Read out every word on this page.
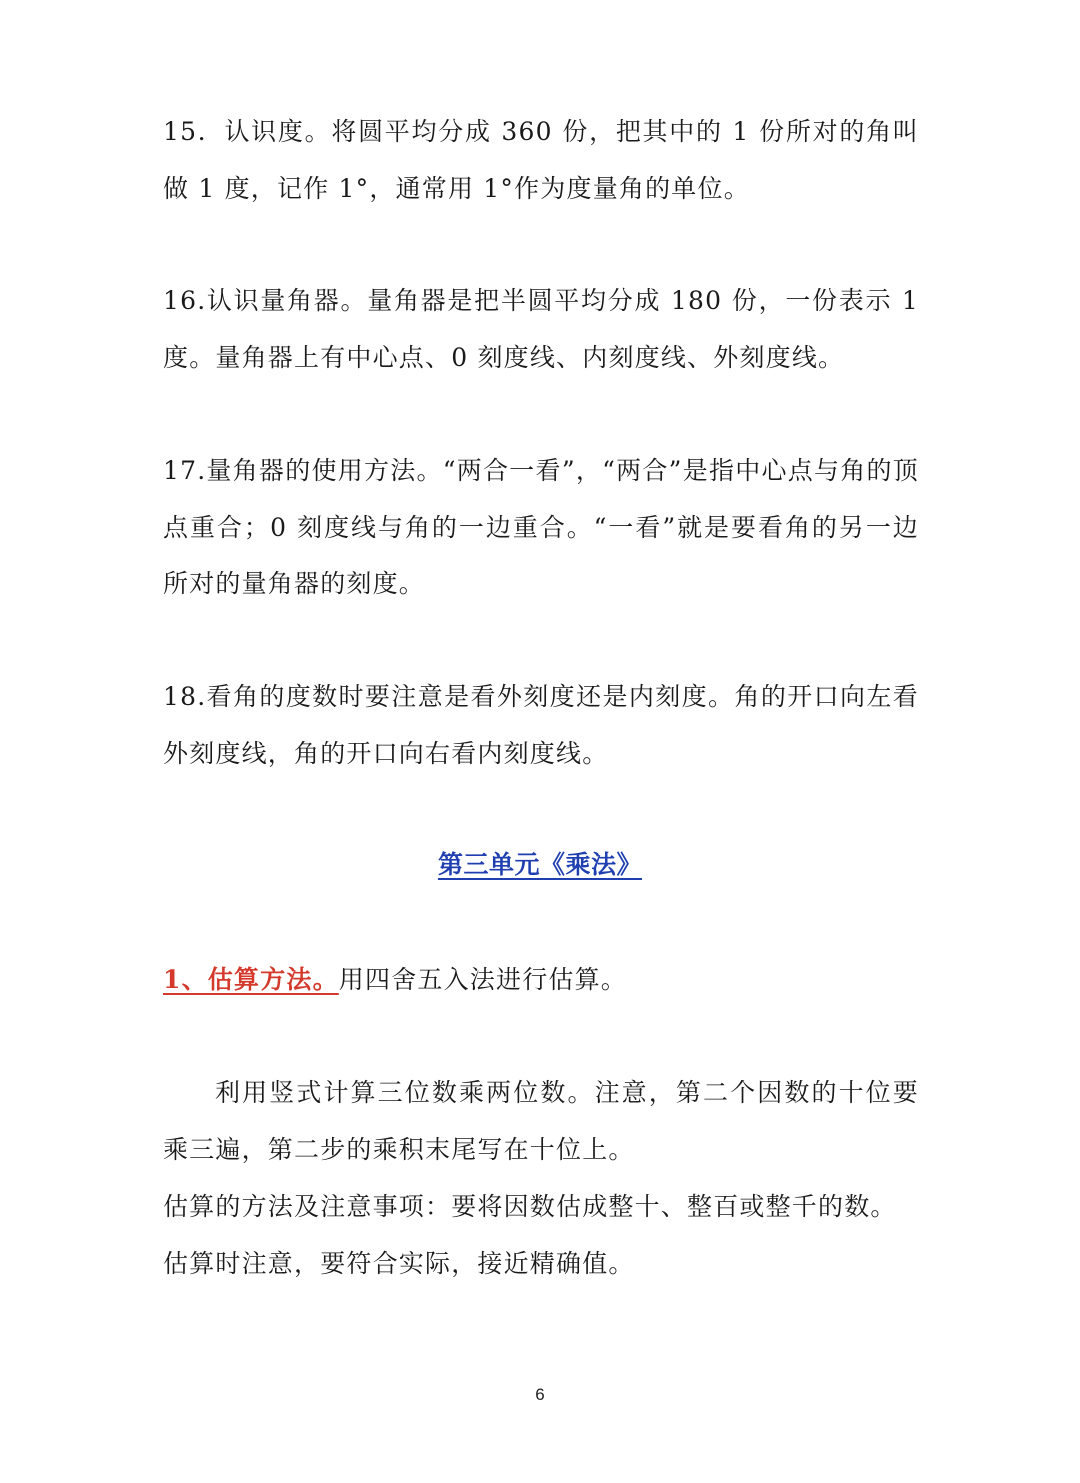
15．认识度。将圆平均分成 360 份，把其中的 1 份所对的角叫做 1 度，记作 1°，通常用 1°作为度量角的单位。

16.认识量角器。量角器是把半圆平均分成 180 份，一份表示 1 度。量角器上有中心点、0 刻度线、内刻度线、外刻度线。

17.量角器的使用方法。“两合一看”，“两合”是指中心点与角的顶点重合；0 刻度线与角的一边重合。“一看”就是要看角的另一边所对的量角器的刻度。

18.看角的度数时要注意是看外刻度还是内刻度。角的开口向左看外刻度线，角的开口向右看内刻度线。

第三单元《乘法》

1、估算方法。用四舍五入法进行估算。

利用竖式计算三位数乘两位数。注意，第二个因数的十位要乘三遍，第二步的乘积末尾写在十位上。

估算的方法及注意事项：要将因数估成整十、整百或整千的数。
估算时注意，要符合实际，接近精确值。
6
